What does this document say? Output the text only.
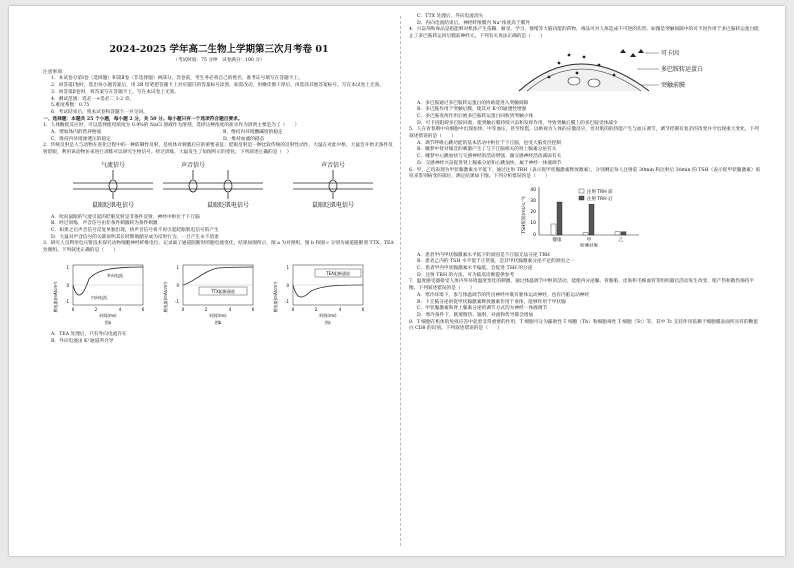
2024-2025 学年高二生物上学期第三次月考卷 01
（考试时间：75 分钟　试卷满分：100 分）

注意事项：

1．本试卷分第Ⅰ卷（选择题）和第Ⅱ卷（非选择题）两部分。答卷前，考生务必将自己的姓名、准考证号填写在答题卡上。

2．回答第Ⅰ卷时，选出每小题答案后，用 2B 铅笔把答题卡上对应题目的答案标号涂黑。如需改动，用橡皮擦干净后，再选涂其他答案标号。写在本试卷上无效。

3．回答第Ⅱ卷时，将答案写在答题卡上。写在本试卷上无效。

4．测试范围：选必一+选必二 1-2 章。

5.难度系数：0.75

6．考试结束后，将本试卷和答题卡一并交回。

一、选择题：本题共 25 个小题，每小题 2 分，共 50 分。每小题只有一个选项符合题目要求。

1．人体酶促反应时，可以选择使用浓度为 0.9%的 NaCl 溶液作为溶剂，选择这种浓度的盐水作为溶剂主要是为了（　　）

A．增加体内的营养物质	B．维持内环境酸碱度的稳定
C．维持内环境渗透压的稳定	D．维持血液的稳态

2．传统反射是人与动物在进化过程中的一种防御性反射，是机体对刺激后应的重要表征；眨眼反射是一种比较传统的反射性动作。大鼠在对此中枢，大鼠会开始无条件反射眨眼，利用该动物仿来进行训练可以研究生物信号。经过训练，大鼠发生了如图所示的变化。下列叙述正确的是（　）

气流信号	声音信号	声音信号
鼠眼眨肌电信号	鼠眼眨肌电信号	鼠眼眨肌电信号

A．吹向鼠眼的气流引起的眨眼反射是非条件反射，神经中枢位于下丘脑

B．经过训练，声音信号由非条件刺激转为条件刺激

C．如果之后声音信号反复单独出现，快声音信号将不再引起眨眼肌电信号的产生

D．大鼠对声音信号的关联说明其长时期地储存成为反射行为，一旦产生永不消退

3．研究人员利用电压钳技术探究动物细胞神经纤维电位，记录离子通道阻断时的胞电流变化，结果如图所示，图 a 为对照组，图 b 和图 c 分别为通道阻断剂 TTX、TEA 处理组。下列叙述正确的是（　　）

膜电流(mA/cm²)
外向电流
内向电流
1
0
-1
0	2	4	6
时间(ms)
图a
膜电流(mA/cm²)	TTX阻断通道
1
0
-1
0	2	4	6
时间(ms)
图b
膜电流(mA/cm²)
TEA阻断通道
1
0
-1
0	2	4	6
时间(ms)
图c

A．TEA 处理后，只有外向电流存在

B．外向电流由 K⁺通道所介导

C．TTX 处理后，外向电流消失

D．内向电流结束后，神经纤维膜内 Na⁺浓度高于膜外

4．兴奋剂和毒品是指能够对机体产生依赖、耐受、学习、情绪等大脑功能的药物，毒品可对人体造成不可逆的伤害。如图是突触间隙中的可卡因作用于多巴胺转运蛋白阻止了多巴胺转运回后膜前神经元。下列有关说法正确的是（　　）

可卡因
多巴胺转运蛋白
突触前膜

A．多巴胺通过多巴胺转运蛋白的协助能进入突触间隙

B．多巴胺作用于突触后膜，使其对 K⁺的通透性增强

C．多巴胺发挥作用后被多巴胺转运蛋白回收到突触小体

D．可卡因阻碍多巴胺回收，使突触后膜持续兴奋和发挥作用，导致突触后膜上的多巴胺受体减少

5．人在青春期中央细胞中出现加快、中等血压，甚至惊慌。以被视为人体的应激反应，但对肌肉的热能产生与血压调节，调节控制有复杂的改变并令出现重大变化。下列叙述错误的是（　　）

A．调节呼吸心跳功能的基本活动中枢位于下丘脑，也受大脑皮层控制

B．睡梦中肾对噪音的刺激产生了与下丘脑相关的肾上腺素分泌有关

C．睡梦中心跳加快与交感神经的活动增强、副交感神经活动减弱有关

D．交感神经兴奋促进肾上腺素分泌和心跳加快，属于神经一体液调节

6．甲、乙均表现为甲状腺激素水平低下，通过注射 TRH（表示促甲状腺激素释放激素），分别测定每人注射前 30min 和注射后 30min 的 TSH（表示促甲状腺激素）浓度来鉴别病变的部位，测定结果如下图。下列分析错误的是（　　）

TSH浓度(mU·L⁻¹)
40
30
20
10
0
注射 TRH 前
注射 TRH 后
健康	甲	乙
检测对象

A．患者甲内甲状腺激素水平低下的原因是下丘脑无法分泌 TRH

B．患者乙内的 TSH 水平低于正常值，是其甲状腺激素分泌不足的原因之一

C．患者甲内甲状腺激素水平偏低，会促进 TSH 的分泌

D．注射 TRH 的方法，可为临床诊断提供参考

7．温度感受器接受人体内外环境温度变化的刺激，通过体温调节中枢的活动，能使内分泌腺、骨骼肌、皮肤和毛细血管等组织器官活动发生改变，使产热和散热保持平衡。下列叙述错误的是（　　）

A．寒冷环境下，参与体温调节的传出神经中既有躯体运动神经，也有内脏运动神经

B．下丘脑分泌的促甲状腺激素释放激素作用于垂体，能够作用于甲状腺

C．甲状腺激素和肾上腺素分泌的调节方式均为神经一体液调节

D．寒冷条件下，既要散热，辐射，对流和传导都会增加

8．T 细胞在机体的免疫应答中起着非常重要的作用，T 细胞可分为辅助性 T 细胞（Th）和细胞毒性 T 细胞（Tc）等，其中 Tc 支持作用依赖于细胞膜表面所具有的糖蛋白 CD8 的识别。下列叙述错误的是（　　）
